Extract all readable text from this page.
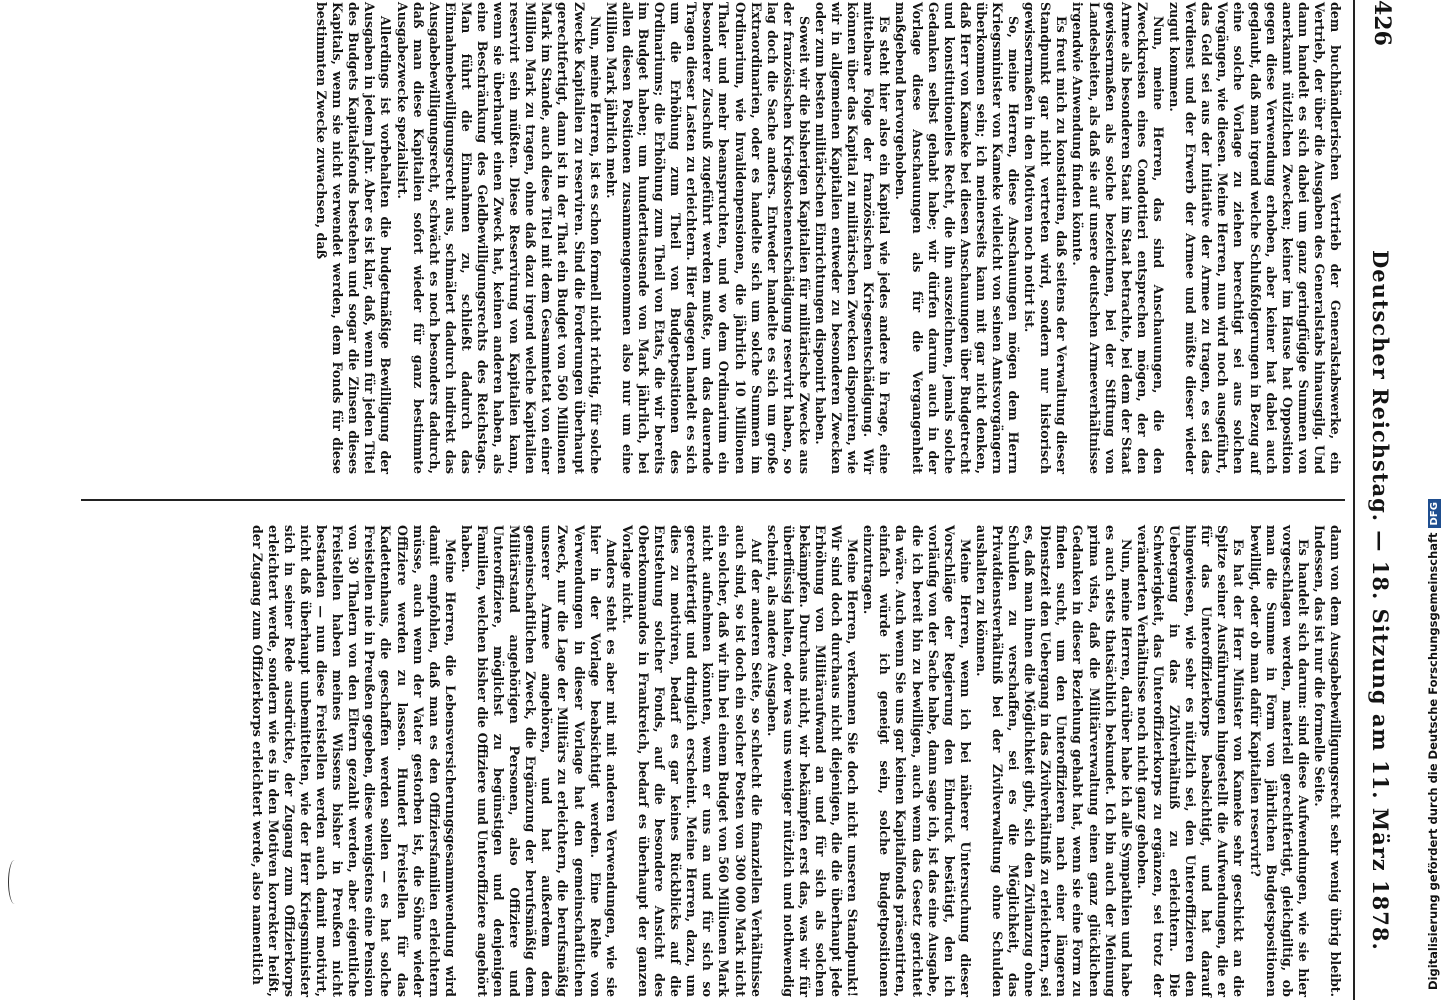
426
Deutscher Reichstag. — 18. Sitzung am 11. März 1878.

dem buchhändlerischen Vertrieb der Generalstabswerke, ein Vertrieb, der über die Ausgaben des Generalstabs hinausgilg. Und dann handelt es sich dabei um ganz geringfügige Summen von anerkannt nützlichen Zwecken; keiner im Hause hat Opposition gegen diese Verwendung erhoben, aber keiner hat dabei auch geglaubt, daß man irgend welche Schlußfolgerungen in Bezug auf eine solche Vorlage zu ziehen berechtigt sei aus solchen Vorgängen, wie diesen. Meine Herren, nun wird noch ausgeführt, das Geld sei aus der Initiative der Armee zu tragen, es sei das Verdienst und der Erwerb der Armee und müßte dieser wieder zugut kommen.

Nun, meine Herren, das sind Anschauungen, die den Zweckkreisen eines Condottieri entsprechen mögen, der den Armee als besonderen Staat im Staat betrachte, bei dem der Staat gewissermaßen als solche bezeichnen, bei der Stiftung von Landesheiten, als daß sie auf unsere deutschen Armeeverhältnisse irgendwie Anwendung finden könnte.

Es freut mich zu konstatiren, daß seitens der Verwaltung dieser Standpunkt gar nicht vertreten wird, sondern nur historisch gewissermaßen in den Motiven noch notirt ist.

So, meine Herren, diese Anschauungen mögen dem Herrn Kriegsminister von Kameke vielleicht von seinen Amtsvorgängern überkommen sein; ich meinerseits kann mit gar nicht denken, daß Herr von Kameke bei diesen Anschauungen über Budgetrecht und konstitutionelles Recht, die ihn auszeichnen, jemals solche Gedanken selbst gehabt habe; wir dürfen darum auch in der Vorlage diese Anschauungen als für die Vergangenheit maßgebend hervorgehoben.

Es steht hier also ein Kapital wie jedes andere in Frage, eine mittelbare Folge der französischen Kriegsentschädigung. Wir können über das Kapital zu militärischen Zwecken disponiren, wie wir in allgemeinen Kapitalien entweder zu besonderen Zwecken oder zum besten militärischen Einrichtungen disponirt haben.

Soweit wir die bisherigen Kapitalien für militärische Zwecke aus der französischen Kriegskostenentschädigung reservirt haben, so lag doch die Sache anders. Entweder handelte es sich um große Extraordinarien, oder es handelte sich um solche Summen im Ordinarium, wie Invalidenpensionen, die jährlich 10 Millionen Thaler und mehr beanspruchten, und wo dem Ordinarium ein besonderer Zuschuß zugeführt werden mußte, um das dauernde Tragen dieser Lasten zu erleichtern. Hier dagegen handelt es sich um die Erhöhung zum Theil von Budgetpositionen des Ordinariums; die Erhöhung zum Theil von Etats, die wir bereits im Budget haben; um hunderttausende von Mark jährlich, bei allen diesen Positionen zusammengenommen also nur um eine Million Mark jährlich mehr.

Nun, meine Herren, ist es schon formell nicht richtig, für solche Zwecke Kapitalien zu reserviren. Sind die Forderungen überhaupt gerechtfertigt, dann ist in der That ein Budget von 560 Millionen Mark im Stande, auch diese Titel mit dem Gesammtetat von einer Million Mark zu tragen, ohne daß dazu irgend welche Kapitalien reservirt sein müßten. Diese Reservirung von Kapitalien kann, wenn sie überhaupt einen Zweck hat, keinen anderen haben, als eine Beschränkung des Geldbewilligungsrechts des Reichstags. Man führt die Einnahmen zu, schließt dadurch das Einnahmebewilligungsrecht aus, schmälert dadurch indirekt das Ausgabebewilligungsrecht, schwächt es noch besonders dadurch, daß man diese Kapitalien sofort wieder für ganz bestimmte Ausgabezwecke spezialisirt.

Allerdings ist vorbehalten die budgetmäßige Bewilligung der Ausgaben in jedem Jahr. Aber es ist klar, daß, wenn für jeden Titel des Budgets Kapitalsfonds bestehen und sogar die Zinsen dieses Kapitals, wenn sie nicht verwendet werden, dem Fonds für diese bestimmten Zwecke zuwachsen, daß

dann von dem Ausgabebewilligungsrecht sehr wenig übrig bleibt. Indessen, das ist nur die formelle Seite.

Es handelt sich darum: sind diese Aufwendungen, wie sie hier vorgeschlagen werden, materiell gerechtfertigt, gleichgiltig, ob man die Summe in Form von jährlichen Budgetspositionen bewilligt, oder ob man dafür Kapitalien reservirt?

Es hat der Herr Minister von Kameke sehr geschickt an die Spitze seiner Ausführungen hingestellt die Aufwendungen, die er für das Unteroffizierkorps beabsichtigt, und hat darauf hingewiesen, wie sehr es nützlich sei, den Unteroffizieren den Uebergang in das Zivilverhältniß zu erleichtern. Die Schwierigkeit, das Unteroffizierkorps zu ergänzen, sei trotz der veränderten Verhältnisse noch nicht ganz gehoben.

Nun, meine Herren, darüber habe ich alle Sympathien und habe es auch stets thatsächlich bekundet. Ich bin auch der Meinung prima vista, daß die Militärverwaltung einen ganz glücklichen Gedanken in dieser Beziehung gehabt hat, wenn sie eine Form zu finden sucht, um den Unteroffizieren nach einer längeren Dienstzeit den Uebergang in das Zivilverhältniß zu erleichtern, sei es, daß man ihnen die Möglichkeit gibt, sich den Zivilanzug ohne Schulden zu verschaffen, sei es die Möglichkeit, das Privatdienstverhältniß bei der Zivilverwaltung ohne Schulden aushalten zu können.

Meine Herren, wenn ich bei näherer Untersuchung dieser Vorschläge der Regierung den Eindruck bestätigt, den ich vorläufig von der Sache habe, dann sage ich, ist das eine Ausgabe, die ich bereit bin zu bewilligen, auch wenn das Gesetz gerichtet da wäre. Auch wenn Sie uns gar keinen Kapitalfonds präsentirten, einfach würde ich geneigt sein, solche Budgetpositionen einzutragen.

Meine Herren, verkennen Sie doch nicht unseren Standpunkt! Wir sind doch durchaus nicht diejenigen, die die überhaupt jede Erhöhung von Militäraufwand an und für sich als solchen bekämpfen. Durchaus nicht, wir bekämpfen erst das, was wir für überflüssig halten, oder was uns weniger nützlich und nothwendig scheint, als andere Ausgaben.

Auf der anderen Seite, so schlecht die finanziellen Verhältnisse auch sind, so ist doch ein solcher Posten von 300 000 Mark nicht ein solcher, daß wir ihn bei einem Budget von 560 Millionen Mark nicht aufnehmen könnten, wenn er uns an und für sich so gerechtfertigt und dringlich erscheint. Meine Herren, dazu, um dies zu motiviren, bedarf es gar keines Rückblicks auf die Entstehung solcher Fonds, auf die besondere Ansicht des Oberkommandos in Frankreich, bedarf es überhaupt der ganzen Vorlage nicht.

Anders steht es aber mit mit anderen Verwendungen, wie sie hier in der Vorlage beabsichtigt werden. Eine Reihe von Verwendungen in dieser Vorlage hat den gemeinschaftlichen Zweck, nur die Lage der Militärs zu erleichtern, die berufsmäßig unserer Armee angehören, und hat außerdem den gemeinschaftlichen Zweck, die Ergänzung der berufsmäßig dem Militärstand angehörigen Personen, also Offiziere und Unteroffiziere, möglichst zu begünstigen und denjenigen Familien, welchen bisher die Offiziere und Unteroffiziere angehört haben.

Meine Herren, die Lebensversicherungsgesammwendung wird damit empfohlen, daß man es den Offiziersfamilien erleichtern müsse, auch wenn der Vater gestorben ist, die Söhne wieder Offiziere werden zu lassen. Hundert Freistellen für das Kadettenhaus, die geschaffen werden sollen — es hat solche Freistellen nie in Preußen gegeben, diese wenigstens eine Pension von 30 Thalern von den Eltern gezahlt werden, aber eigentliche Freistellen haben meines Wissens bisher in Preußen nicht bestanden — nun diese Freistellen werden auch damit motivirt, nicht daß überhaupt unbemittelten, wie der Herr Kriegsminister sich in seiner Rede ausdrückte, der Zugang zum Offizierkorps erleichtert werde, sondern wie es in den Motiven korrekter heißt, der Zugang zum Offizierkorps erleichtert werde, also namentlich	Digitalisierung gefördert durch die Deutsche ForschungsgemeinschaftDFG
